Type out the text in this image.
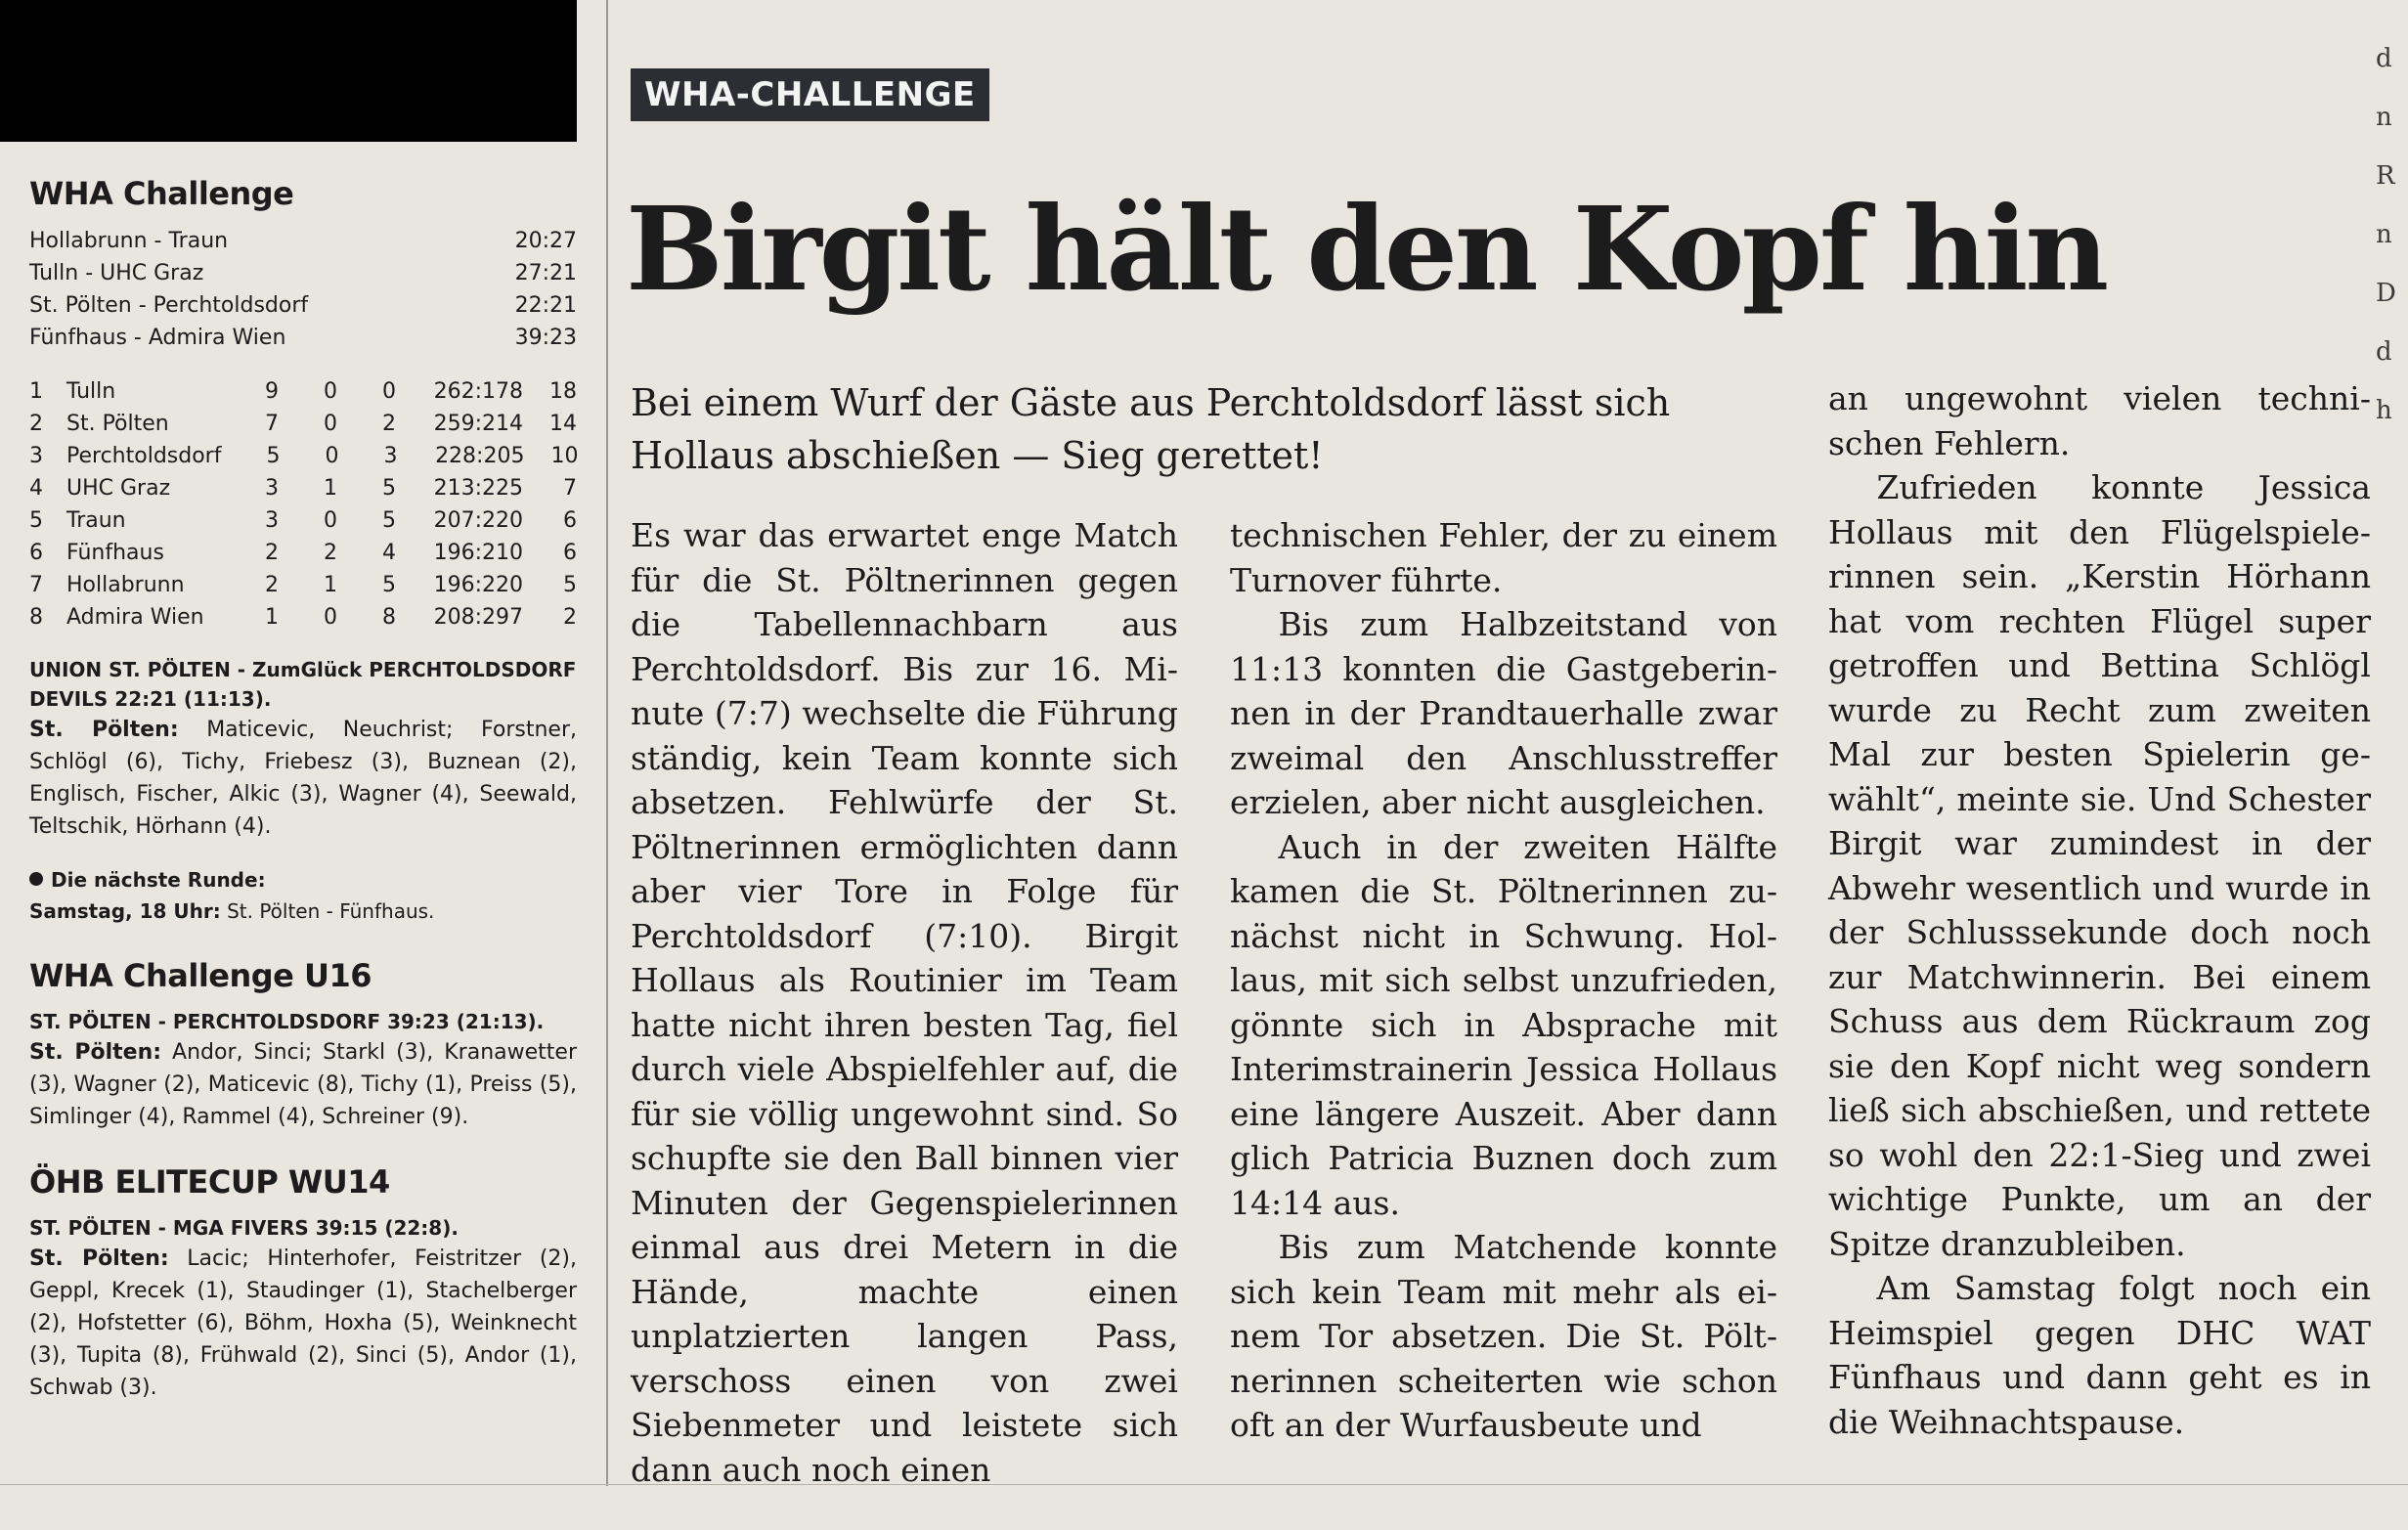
WHA Challenge
Hollabrunn - Traun	20:27
Tulln - UHC Graz	27:21
St. Pölten - Perchtoldsdorf	22:21
Fünfhaus - Admira Wien	39:23
1	Tulln	9	0	0	262:178	18
2	St. Pölten	7	0	2	259:214	14
3	Perchtoldsdorf	5	0	3	228:205	10
4	UHC Graz	3	1	5	213:225	7
5	Traun	3	0	5	207:220	6
6	Fünfhaus	2	2	4	196:210	6
7	Hollabrunn	2	1	5	196:220	5
8	Admira Wien	1	0	8	208:297	2
UNION ST. PÖLTEN - ZumGlück PERCHTOLDSDORF DEVILS 22:21 (11:13).
St. Pölten: Maticevic, Neuchrist; Forstner, Schlögl (6), Tichy, Friebesz (3), Buznean (2), Englisch, Fischer, Alkic (3), Wagner (4), Seewald, Teltschik, Hörhann (4).
Die nächste Runde:
Samstag, 18 Uhr: St. Pölten - Fünfhaus.
WHA Challenge U16
ST. PÖLTEN - PERCHTOLDSDORF 39:23 (21:13).
St. Pölten: Andor, Sinci; Starkl (3), Kranawetter (3), Wagner (2), Maticevic (8), Tichy (1), Preiss (5), Simlinger (4), Rammel (4), Schreiner (9).
ÖHB ELITECUP WU14
ST. PÖLTEN - MGA FIVERS 39:15 (22:8).
St. Pölten: Lacic; Hinterhofer, Feistritzer (2), Geppl, Krecek (1), Staudinger (1), Stachelberger (2), Hofstetter (6), Böhm, Hoxha (5), Weinknecht (3), Tupita (8), Frühwald (2), Sinci (5), Andor (1), Schwab (3).
WHA-CHALLENGE
Birgit hält den Kopf hin
Bei einem Wurf der Gäste aus Perchtoldsdorf lässt sich Hollaus abschießen — Sieg gerettet!

Es war das erwartet enge Match für die St. Pöltnerinnen gegen die Tabellennachbarn aus Perchtoldsdorf. Bis zur 16. Minute (7:7) wechselte die Führung ständig, kein Team konnte sich absetzen. Fehlwürfe der St. Pöltnerinnen ermöglichten dann aber vier Tore in Folge für Perchtoldsdorf (7:10). Birgit Hollaus als Routinier im Team hatte nicht ihren besten Tag, fiel durch viele Abspielfehler auf, die für sie völlig ungewohnt sind. So schupfte sie den Ball binnen vier Minuten der Gegenspielerinnen einmal aus drei Metern in die Hände, machte einen unplatzierten langen Pass, verschoss einen von zwei Siebenmeter und leistete sich dann auch noch einen

technischen Fehler, der zu einem Turnover führte.

Bis zum Halbzeitstand von 11:13 konnten die Gastgeberinnen in der Prandtauerhalle zwar zweimal den Anschlusstreffer erzielen, aber nicht ausgleichen.

Auch in der zweiten Hälfte kamen die St. Pöltnerinnen zunächst nicht in Schwung. Hollaus, mit sich selbst unzufrieden, gönnte sich in Absprache mit Interimstrainerin Jessica Hollaus eine längere Auszeit. Aber dann glich Patricia Buznen doch zum 14:14 aus.

Bis zum Matchende konnte sich kein Team mit mehr als einem Tor absetzen. Die St. Pöltnerinnen scheiterten wie schon oft an der Wurfausbeute und

an ungewohnt vielen technischen Fehlern.

Zufrieden konnte Jessica Hollaus mit den Flügelspielerinnen sein. „Kerstin Hörhann hat vom rechten Flügel super getroffen und Bettina Schlögl wurde zu Recht zum zweiten Mal zur besten Spielerin gewählt“, meinte sie. Und Schester Birgit war zumindest in der Abwehr wesentlich und wurde in der Schlusssekunde doch noch zur Matchwinnerin. Bei einem Schuss aus dem Rückraum zog sie den Kopf nicht weg sondern ließ sich abschießen, und rettete so wohl den 22:1-Sieg und zwei wichtige Punkte, um an der Spitze dranzubleiben.

Am Samstag folgt noch ein Heimspiel gegen DHC WAT Fünfhaus und dann geht es in die Weihnachtspause.

d
n
R
n
D
d
h
